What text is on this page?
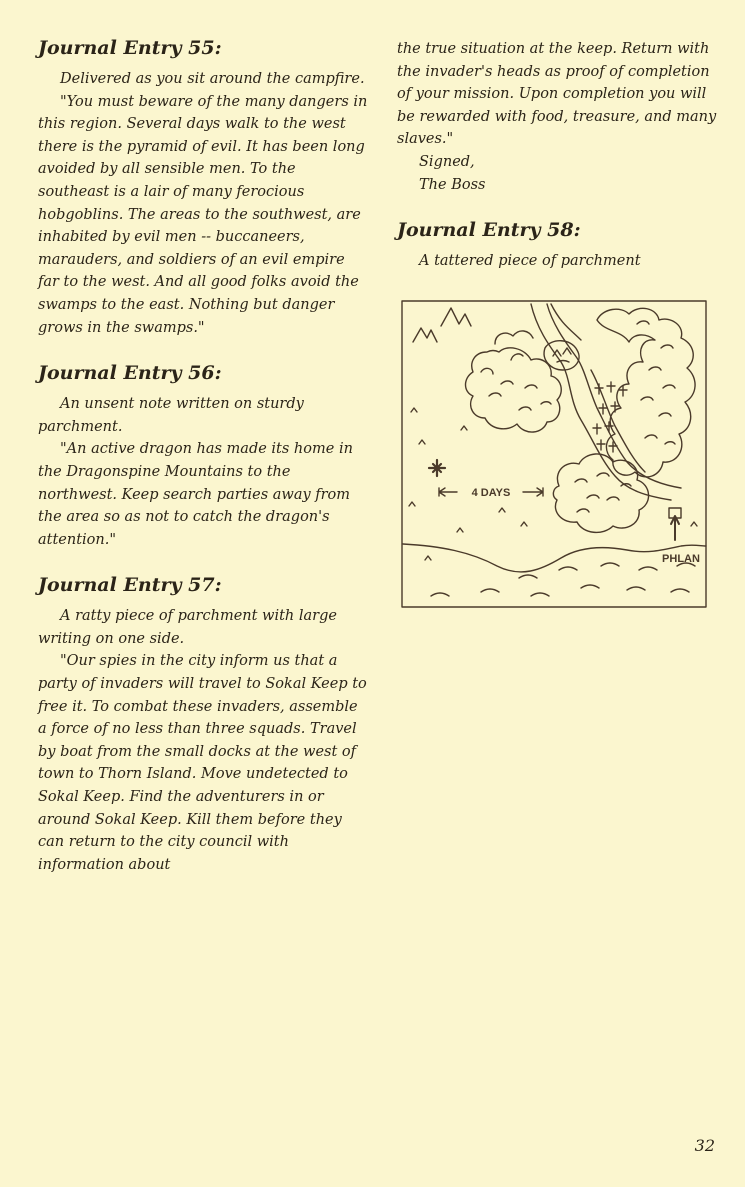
Journal Entry 55:

Delivered as you sit around the campfire.

"You must beware of the many dangers in this region. Several days walk to the west there is the pyramid of evil. It has been long avoided by all sensible men. To the southeast is a lair of many ferocious hobgoblins. The areas to the southwest, are inhabited by evil men -- buccaneers, marauders, and soldiers of an evil empire far to the west. And all good folks avoid the swamps to the east. Nothing but danger grows in the swamps."

Journal Entry 56:

An unsent note written on sturdy parchment.

"An active dragon has made its home in the Dragonspine Mountains to the northwest. Keep search parties away from the area so as not to catch the dragon's attention."

Journal Entry 57:

A ratty piece of parchment with large writing on one side.

"Our spies in the city inform us that a party of invaders will travel to Sokal Keep to free it. To combat these invaders, assemble a force of no less than three squads. Travel by boat from the small docks at the west of town to Thorn Island. Move undetected to Sokal Keep. Find the adventurers in or around Sokal Keep. Kill them before they can return to the city council with information about

the true situation at the keep. Return with the invader's heads as proof of completion of your mission. Upon completion you will be rewarded with food, treasure, and many slaves."

Signed,
The Boss
Journal Entry 58:

A tattered piece of parchment

4 DAYS
PHLAN
32
